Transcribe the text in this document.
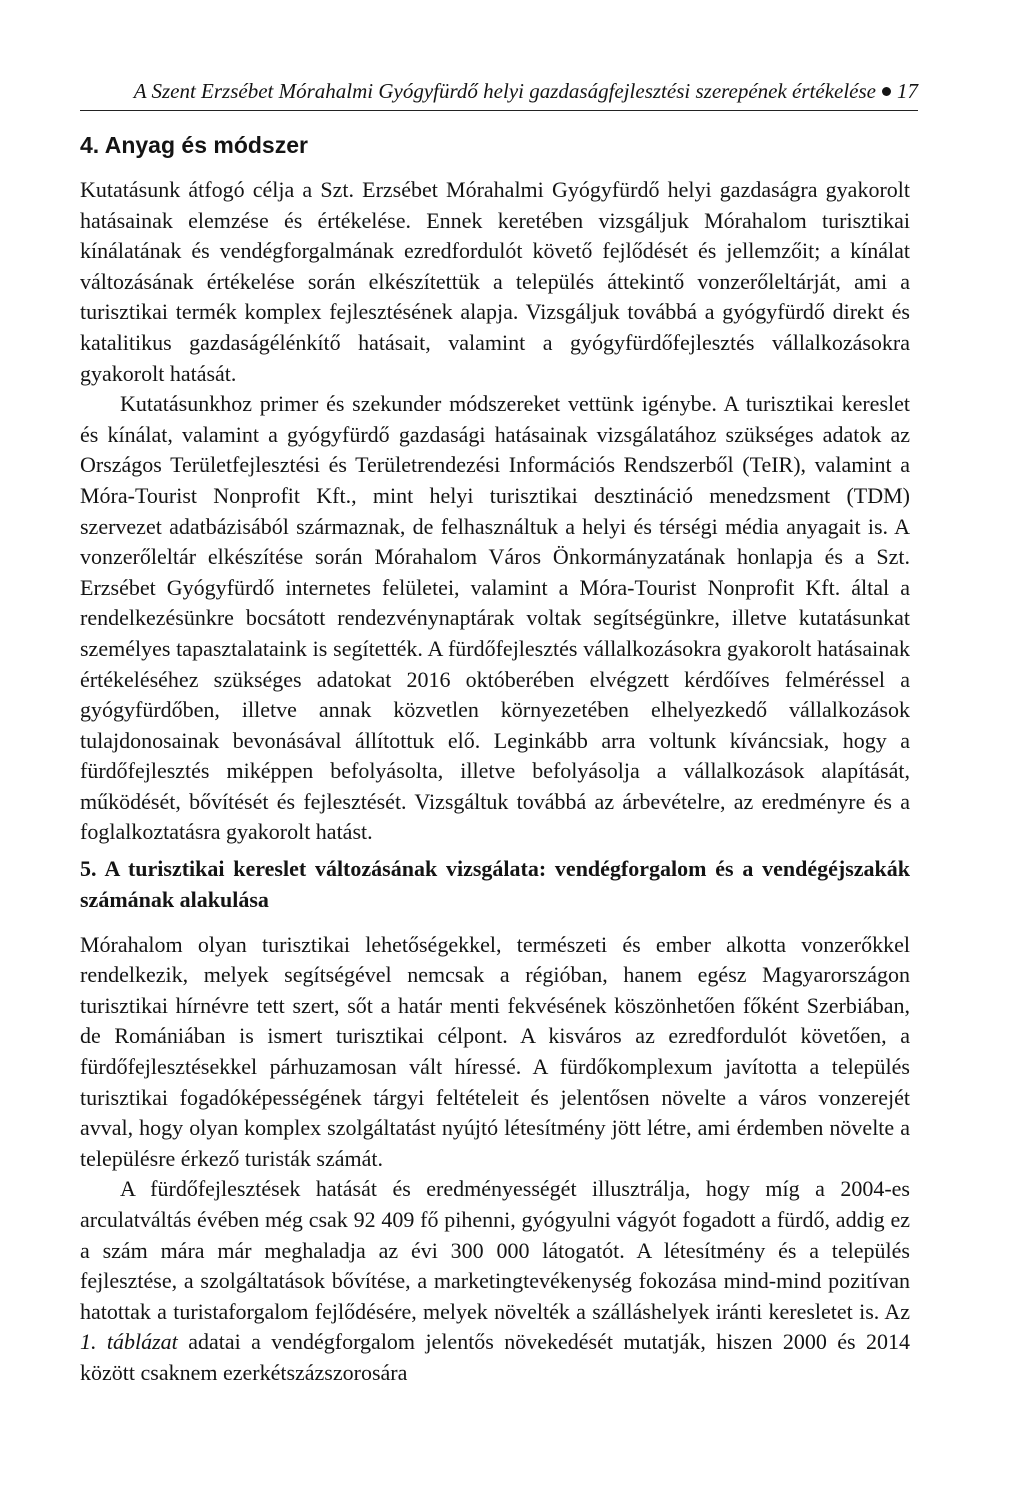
A Szent Erzsébet Mórahalmi Gyógyfürdő helyi gazdaságfejlesztési szerepének értékelése 17
4. Anyag és módszer

Kutatásunk átfogó célja a Szt. Erzsébet Mórahalmi Gyógyfürdő helyi gazdaságra gyakorolt hatásainak elemzése és értékelése. Ennek keretében vizsgáljuk Mórahalom turisztikai kínálatának és vendégforgalmának ezredfordulót követő fejlődését és jellemzőit; a kínálat változásának értékelése során elkészítettük a település áttekintő vonzerőleltárját, ami a turisztikai termék komplex fejlesztésének alapja. Vizsgáljuk továbbá a gyógyfürdő direkt és katalitikus gazdaságélénkítő hatásait, valamint a gyógyfürdőfejlesztés vállalkozásokra gyakorolt hatását.

Kutatásunkhoz primer és szekunder módszereket vettünk igénybe. A turisztikai kereslet és kínálat, valamint a gyógyfürdő gazdasági hatásainak vizsgálatához szükséges adatok az Országos Területfejlesztési és Területrendezési Információs Rendszerből (TeIR), valamint a Móra-Tourist Nonprofit Kft., mint helyi turisztikai desztináció menedzsment (TDM) szervezet adatbázisából származnak, de felhasználtuk a helyi és térségi média anyagait is. A vonzerőleltár elkészítése során Mórahalom Város Önkormányzatának honlapja és a Szt. Erzsébet Gyógyfürdő internetes felületei, valamint a Móra-Tourist Nonprofit Kft. által a rendelkezésünkre bocsátott rendezvénynaptárak voltak segítségünkre, illetve kutatásunkat személyes tapasztalataink is segítették. A fürdőfejlesztés vállalkozásokra gyakorolt hatásainak értékeléséhez szükséges adatokat 2016 októberében elvégzett kérdőíves felméréssel a gyógyfürdőben, illetve annak közvetlen környezetében elhelyezkedő vállalkozások tulajdonosainak bevonásával állítottuk elő. Leginkább arra voltunk kíváncsiak, hogy a fürdőfejlesztés miképpen befolyásolta, illetve befolyásolja a vállalkozások alapítását, működését, bővítését és fejlesztését. Vizsgáltuk továbbá az árbevételre, az eredményre és a foglalkoztatásra gyakorolt hatást.

5. A turisztikai kereslet változásának vizsgálata: vendégforgalom és a vendégéjszakák számának alakulása

Mórahalom olyan turisztikai lehetőségekkel, természeti és ember alkotta vonzerőkkel rendelkezik, melyek segítségével nemcsak a régióban, hanem egész Magyarországon turisztikai hírnévre tett szert, sőt a határ menti fekvésének köszönhetően főként Szerbiában, de Romániában is ismert turisztikai célpont. A kisváros az ezredfordulót követően, a fürdőfejlesztésekkel párhuzamosan vált híressé. A fürdőkomplexum javította a település turisztikai fogadóképességének tárgyi feltételeit és jelentősen növelte a város vonzerejét avval, hogy olyan komplex szolgáltatást nyújtó létesítmény jött létre, ami érdemben növelte a településre érkező turisták számát.

A fürdőfejlesztések hatását és eredményességét illusztrálja, hogy míg a 2004-es arculatváltás évében még csak 92 409 fő pihenni, gyógyulni vágyót fogadott a fürdő, addig ez a szám mára már meghaladja az évi 300 000 látogatót. A létesítmény és a település fejlesztése, a szolgáltatások bővítése, a marketingtevékenység fokozása mind-mind pozitívan hatottak a turistaforgalom fejlődésére, melyek növelték a szálláshelyek iránti keresletet is. Az 1. táblázat adatai a vendégforgalom jelentős növekedését mutatják, hiszen 2000 és 2014 között csaknem ezerkétszázszorosára
